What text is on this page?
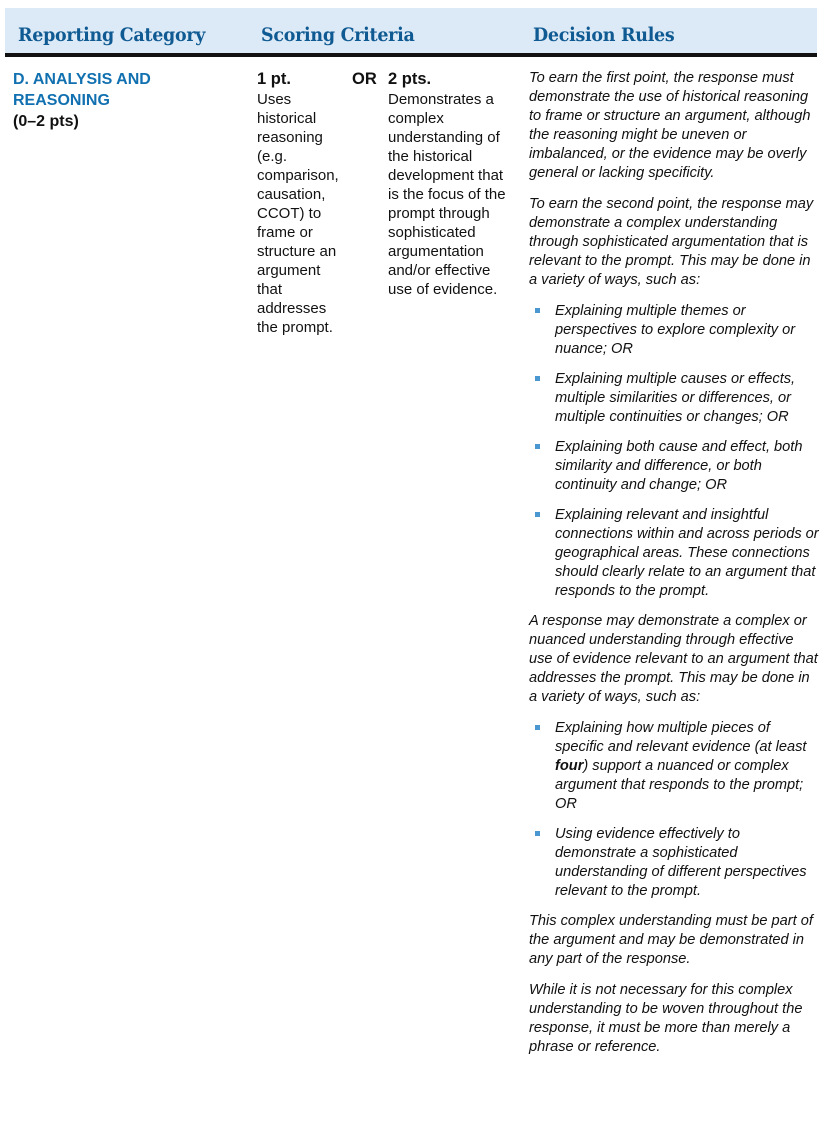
Reporting Category	Scoring Criteria	Decision Rules
D. ANALYSIS AND REASONING
(0–2 pts)
1 pt.
Uses historical reasoning (e.g. comparison, causation, CCOT) to frame or structure an argument that addresses the prompt.
OR 2 pts.
Demonstrates a complex understanding of the historical development that is the focus of the prompt through sophisticated argumentation and/or effective use of evidence.

To earn the first point, the response must demonstrate the use of historical reasoning to frame or structure an argument, although the reasoning might be uneven or imbalanced, or the evidence may be overly general or lacking specificity.

To earn the second point, the response may demonstrate a complex understanding through sophisticated argumentation that is relevant to the prompt. This may be done in a variety of ways, such as:

Explaining multiple themes or perspectives to explore complexity or nuance; OR
Explaining multiple causes or effects, multiple similarities or differences, or multiple continuities or changes; OR
Explaining both cause and effect, both similarity and difference, or both continuity and change; OR
Explaining relevant and insightful connections within and across periods or geographical areas. These connections should clearly relate to an argument that responds to the prompt.

A response may demonstrate a complex or nuanced understanding through effective use of evidence relevant to an argument that addresses the prompt. This may be done in a variety of ways, such as:

Explaining how multiple pieces of specific and relevant evidence (at least four) support a nuanced or complex argument that responds to the prompt; OR
Using evidence effectively to demonstrate a sophisticated understanding of different perspectives relevant to the prompt.

This complex understanding must be part of the argument and may be demonstrated in any part of the response.

While it is not necessary for this complex understanding to be woven throughout the response, it must be more than merely a phrase or reference.
